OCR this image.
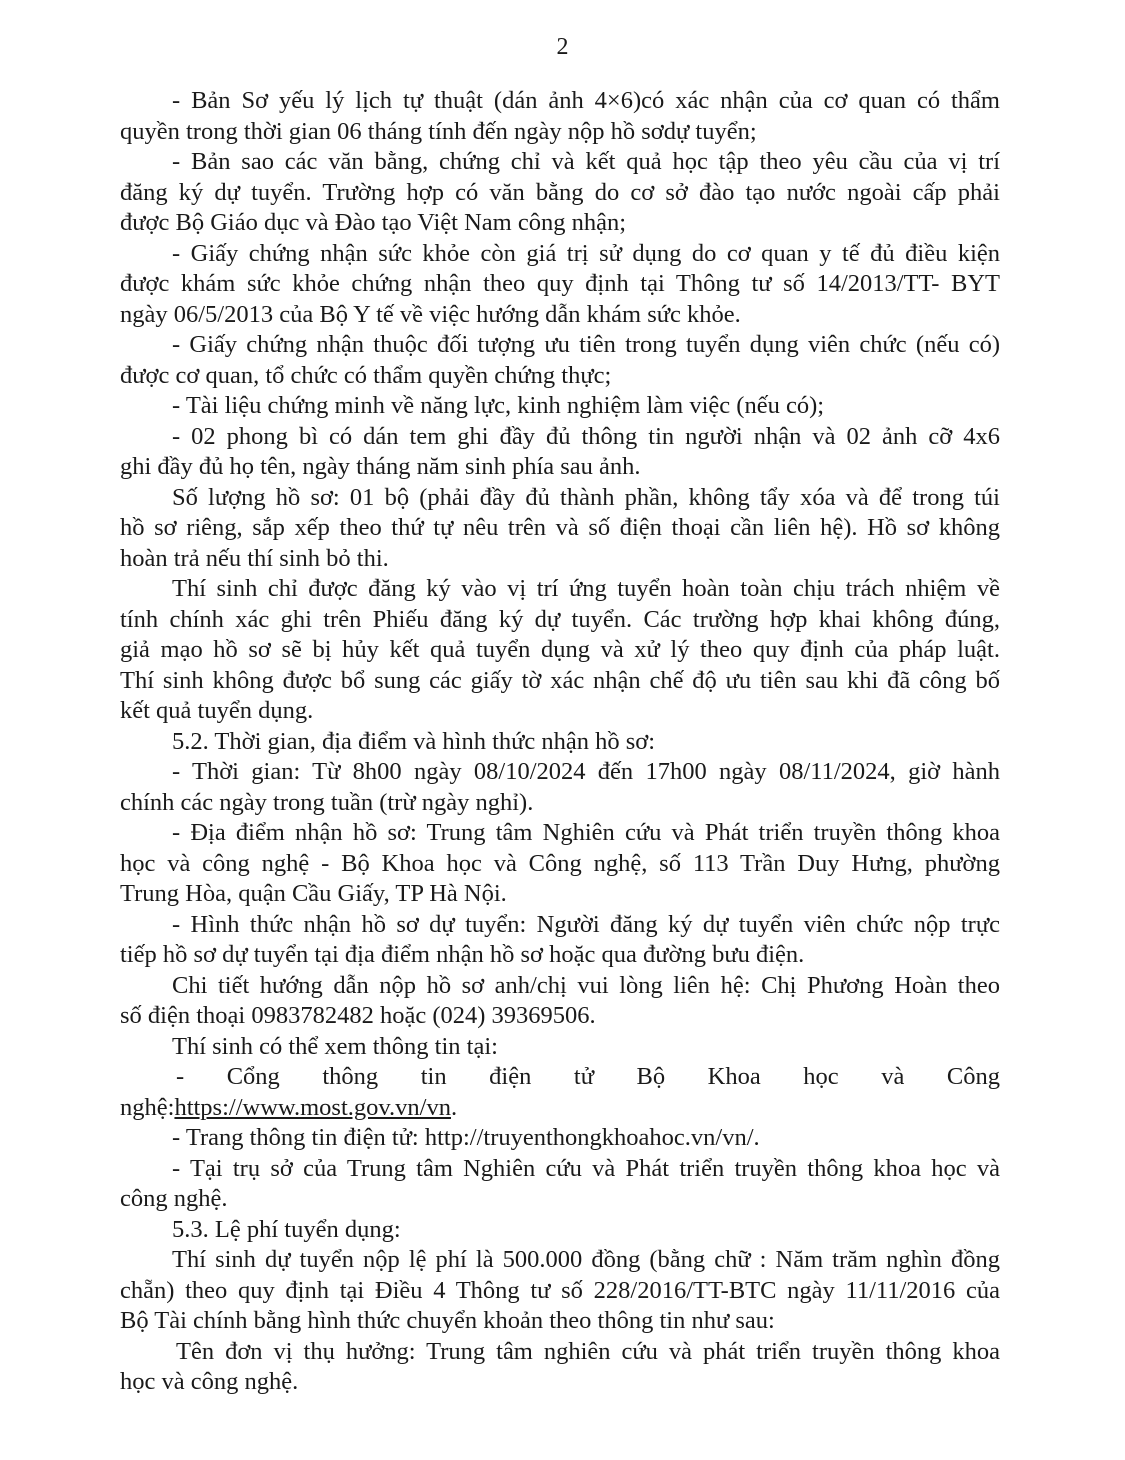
2
- Bản Sơ yếu lý lịch tự thuật (dán ảnh 4×6)có xác nhận của cơ quan có thẩm
quyền trong thời gian 06 tháng tính đến ngày nộp hồ sơdự tuyển;
- Bản sao các văn bằng, chứng chỉ và kết quả học tập theo yêu cầu của vị trí
đăng ký dự tuyển. Trường hợp có văn bằng do cơ sở đào tạo nước ngoài cấp phải
được Bộ Giáo dục và Đào tạo Việt Nam công nhận;
- Giấy chứng nhận sức khỏe còn giá trị sử dụng do cơ quan y tế đủ điều kiện
được khám sức khỏe chứng nhận theo quy định tại Thông tư số 14/2013/TT- BYT
ngày 06/5/2013 của Bộ Y tế về việc hướng dẫn khám sức khỏe.
- Giấy chứng nhận thuộc đối tượng ưu tiên trong tuyển dụng viên chức (nếu có)
được cơ quan, tổ chức có thẩm quyền chứng thực;
- Tài liệu chứng minh về năng lực, kinh nghiệm làm việc (nếu có);
- 02 phong bì có dán tem ghi đầy đủ thông tin người nhận và 02 ảnh cỡ 4x6
ghi đầy đủ họ tên, ngày tháng năm sinh phía sau ảnh.
Số lượng hồ sơ: 01 bộ (phải đầy đủ thành phần, không tẩy xóa và để trong túi
hồ sơ riêng, sắp xếp theo thứ tự nêu trên và số điện thoại cần liên hệ). Hồ sơ không
hoàn trả nếu thí sinh bỏ thi.
Thí sinh chỉ được đăng ký vào vị trí ứng tuyển hoàn toàn chịu trách nhiệm về
tính chính xác ghi trên Phiếu đăng ký dự tuyển. Các trường hợp khai không đúng,
giả mạo hồ sơ sẽ bị hủy kết quả tuyển dụng và xử lý theo quy định của pháp luật.
Thí sinh không được bổ sung các giấy tờ xác nhận chế độ ưu tiên sau khi đã công bố
kết quả tuyển dụng.
5.2. Thời gian, địa điểm và hình thức nhận hồ sơ:
- Thời gian: Từ 8h00 ngày 08/10/2024 đến 17h00 ngày 08/11/2024, giờ hành
chính các ngày trong tuần (trừ ngày nghỉ).
- Địa điểm nhận hồ sơ: Trung tâm Nghiên cứu và Phát triển truyền thông khoa
học và công nghệ - Bộ Khoa học và Công nghệ, số 113 Trần Duy Hưng, phường
Trung Hòa, quận Cầu Giấy, TP Hà Nội.
- Hình thức nhận hồ sơ dự tuyển: Người đăng ký dự tuyển viên chức nộp trực
tiếp hồ sơ dự tuyển tại địa điểm nhận hồ sơ hoặc qua đường bưu điện.
Chi tiết hướng dẫn nộp hồ sơ anh/chị vui lòng liên hệ: Chị Phương Hoàn theo
số điện thoại 0983782482 hoặc (024) 39369506.
Thí sinh có thể xem thông tin tại:
- Cổng thông tin điện tử Bộ Khoa học và Công
nghệ:https://www.most.gov.vn/vn.
- Trang thông tin điện tử: http://truyenthongkhoahoc.vn/vn/.
- Tại trụ sở của Trung tâm Nghiên cứu và Phát triển truyền thông khoa học và
công nghệ.
5.3. Lệ phí tuyển dụng:
Thí sinh dự tuyển nộp lệ phí là 500.000 đồng (bằng chữ : Năm trăm nghìn đồng
chẵn) theo quy định tại Điều 4 Thông tư số 228/2016/TT-BTC ngày 11/11/2016 của
Bộ Tài chính bằng hình thức chuyển khoản theo thông tin như sau:
Tên đơn vị thụ hưởng: Trung tâm nghiên cứu và phát triển truyền thông khoa
học và công nghệ.
